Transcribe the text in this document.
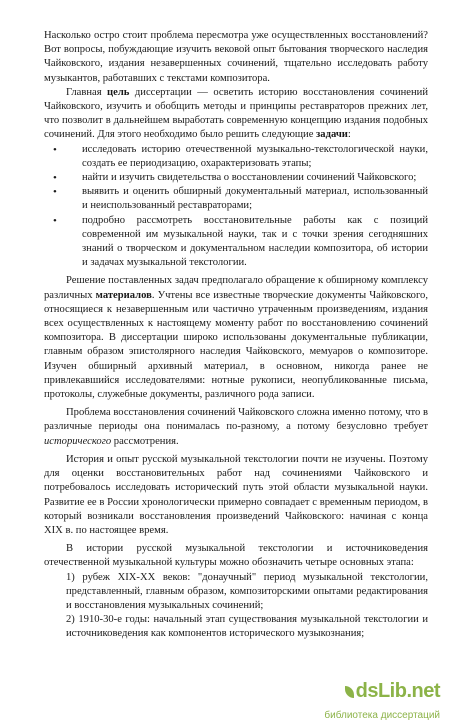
Насколько остро стоит проблема пересмотра уже осуществленных восстановлений? Вот вопросы, побуждающие изучить вековой опыт бытования творческого наследия Чайковского, издания незавершенных сочинений, тщательно исследовать работу музыкантов, работавших с текстами композитора.

Главная цель диссертации — осветить историю восстановления сочинений Чайковского, изучить и обобщить методы и принципы реставраторов прежних лет, что позволит в дальнейшем выработать современную концепцию издания подобных сочинений. Для этого необходимо было решить следующие задачи:

• исследовать историю отечественной музыкально-текстологической науки, создать ее периодизацию, охарактеризовать этапы;
• найти и изучить свидетельства о восстановлении сочинений Чайковского;
• выявить и оценить обширный документальный материал, использованный и неиспользованный реставраторами;
• подробно рассмотреть восстановительные работы как с позиций современной им музыкальной науки, так и с точки зрения сегодняшних знаний о творческом и документальном наследии композитора, об истории и задачах музыкальной текстологии.

Решение поставленных задач предполагало обращение к обширному комплексу различных материалов. Учтены все известные творческие документы Чайковского, относящиеся к незавершенным или частично утраченным произведениям, издания всех осуществленных к настоящему моменту работ по восстановлению сочинений композитора. В диссертации широко использованы документальные публикации, главным образом эпистолярного наследия Чайковского, мемуаров о композиторе. Изучен обширный архивный материал, в основном, никогда ранее не привлекавшийся исследователями: нотные рукописи, неопубликованные письма, протоколы, служебные документы, различного рода записи.

Проблема восстановления сочинений Чайковского сложна именно потому, что в различные периоды она понималась по-разному, а потому безусловно требует исторического рассмотрения.

История и опыт русской музыкальной текстологии почти не изучены. Поэтому для оценки восстановительных работ над сочинениями Чайковского и потребовалось исследовать исторический путь этой области музыкальной науки. Развитие ее в России хронологически примерно совпадает с временным периодом, в который возникали восстановления произведений Чайковского: начиная с конца XIX в. по настоящее время.

В истории русской музыкальной текстологии и источниковедения отечественной музыкальной культуры можно обозначить четыре основных этапа:

1) рубеж XIX-XX веков: "донаучный" период музыкальной текстологии, представленный, главным образом, композиторскими опытами редактирования и восстановления музыкальных сочинений;

2) 1910-30-е годы: начальный этап существования музыкальной текстологии и источниковедения как компонентов исторического музыкознания;

dsLib.net
библиотека диссертаций
